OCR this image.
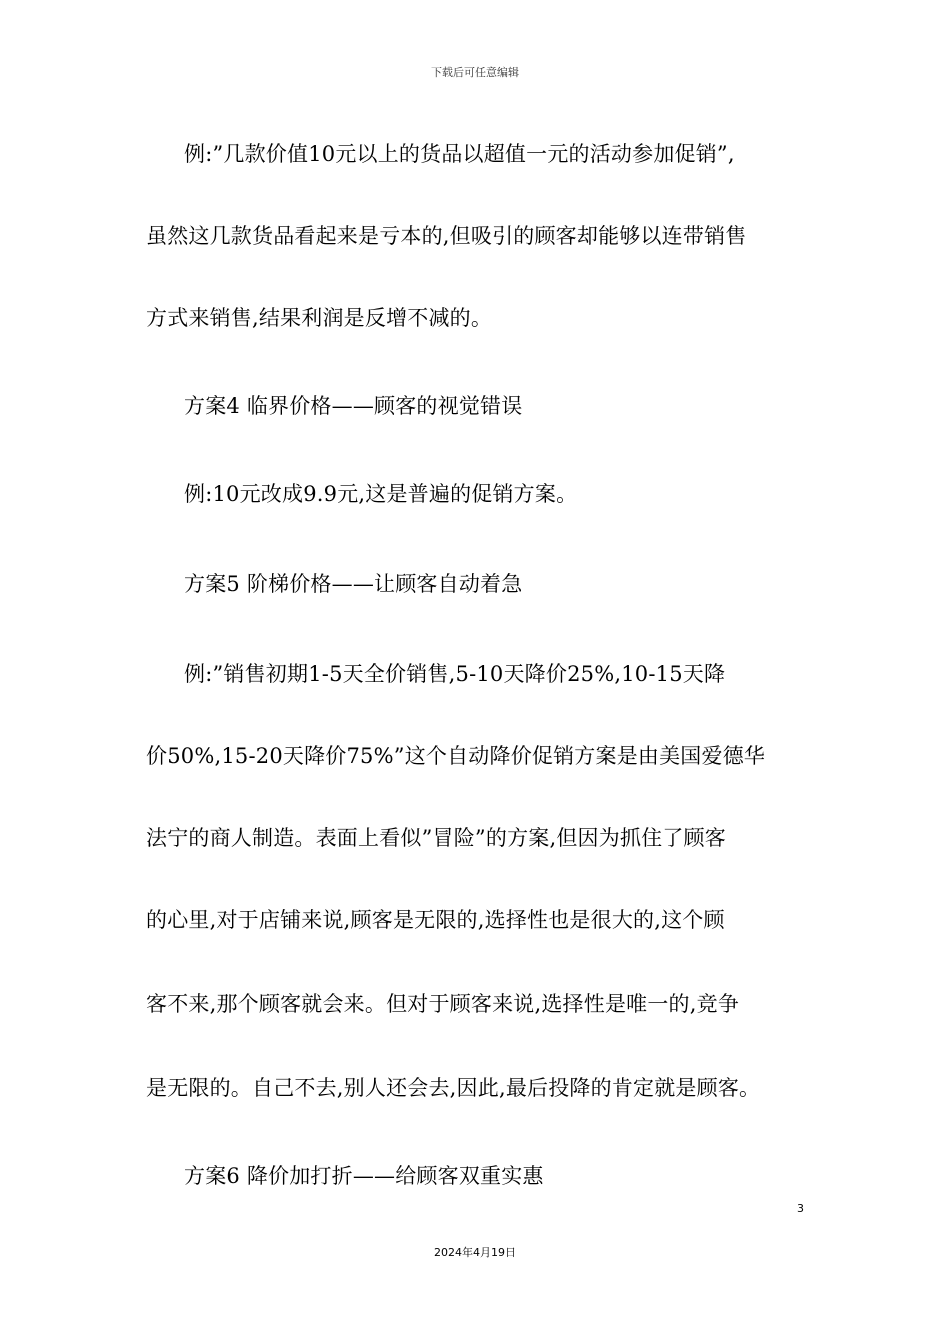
下载后可任意编辑
例:”几款价值10元以上的货品以超值一元的活动参加促销”,
虽然这几款货品看起来是亏本的,但吸引的顾客却能够以连带销售
方式来销售,结果利润是反增不减的。
方案4 临界价格——顾客的视觉错误
例:10元改成9.9元,这是普遍的促销方案。
方案5 阶梯价格——让顾客自动着急
例:”销售初期1-5天全价销售,5-10天降价25%,10-15天降
价50%,15-20天降价75%”这个自动降价促销方案是由美国爱德华
法宁的商人制造。表面上看似”冒险”的方案,但因为抓住了顾客
的心里,对于店铺来说,顾客是无限的,选择性也是很大的,这个顾
客不来,那个顾客就会来。但对于顾客来说,选择性是唯一的,竞争
是无限的。自己不去,别人还会去,因此,最后投降的肯定就是顾客。
方案6 降价加打折——给顾客双重实惠
3
2024年4月19日
